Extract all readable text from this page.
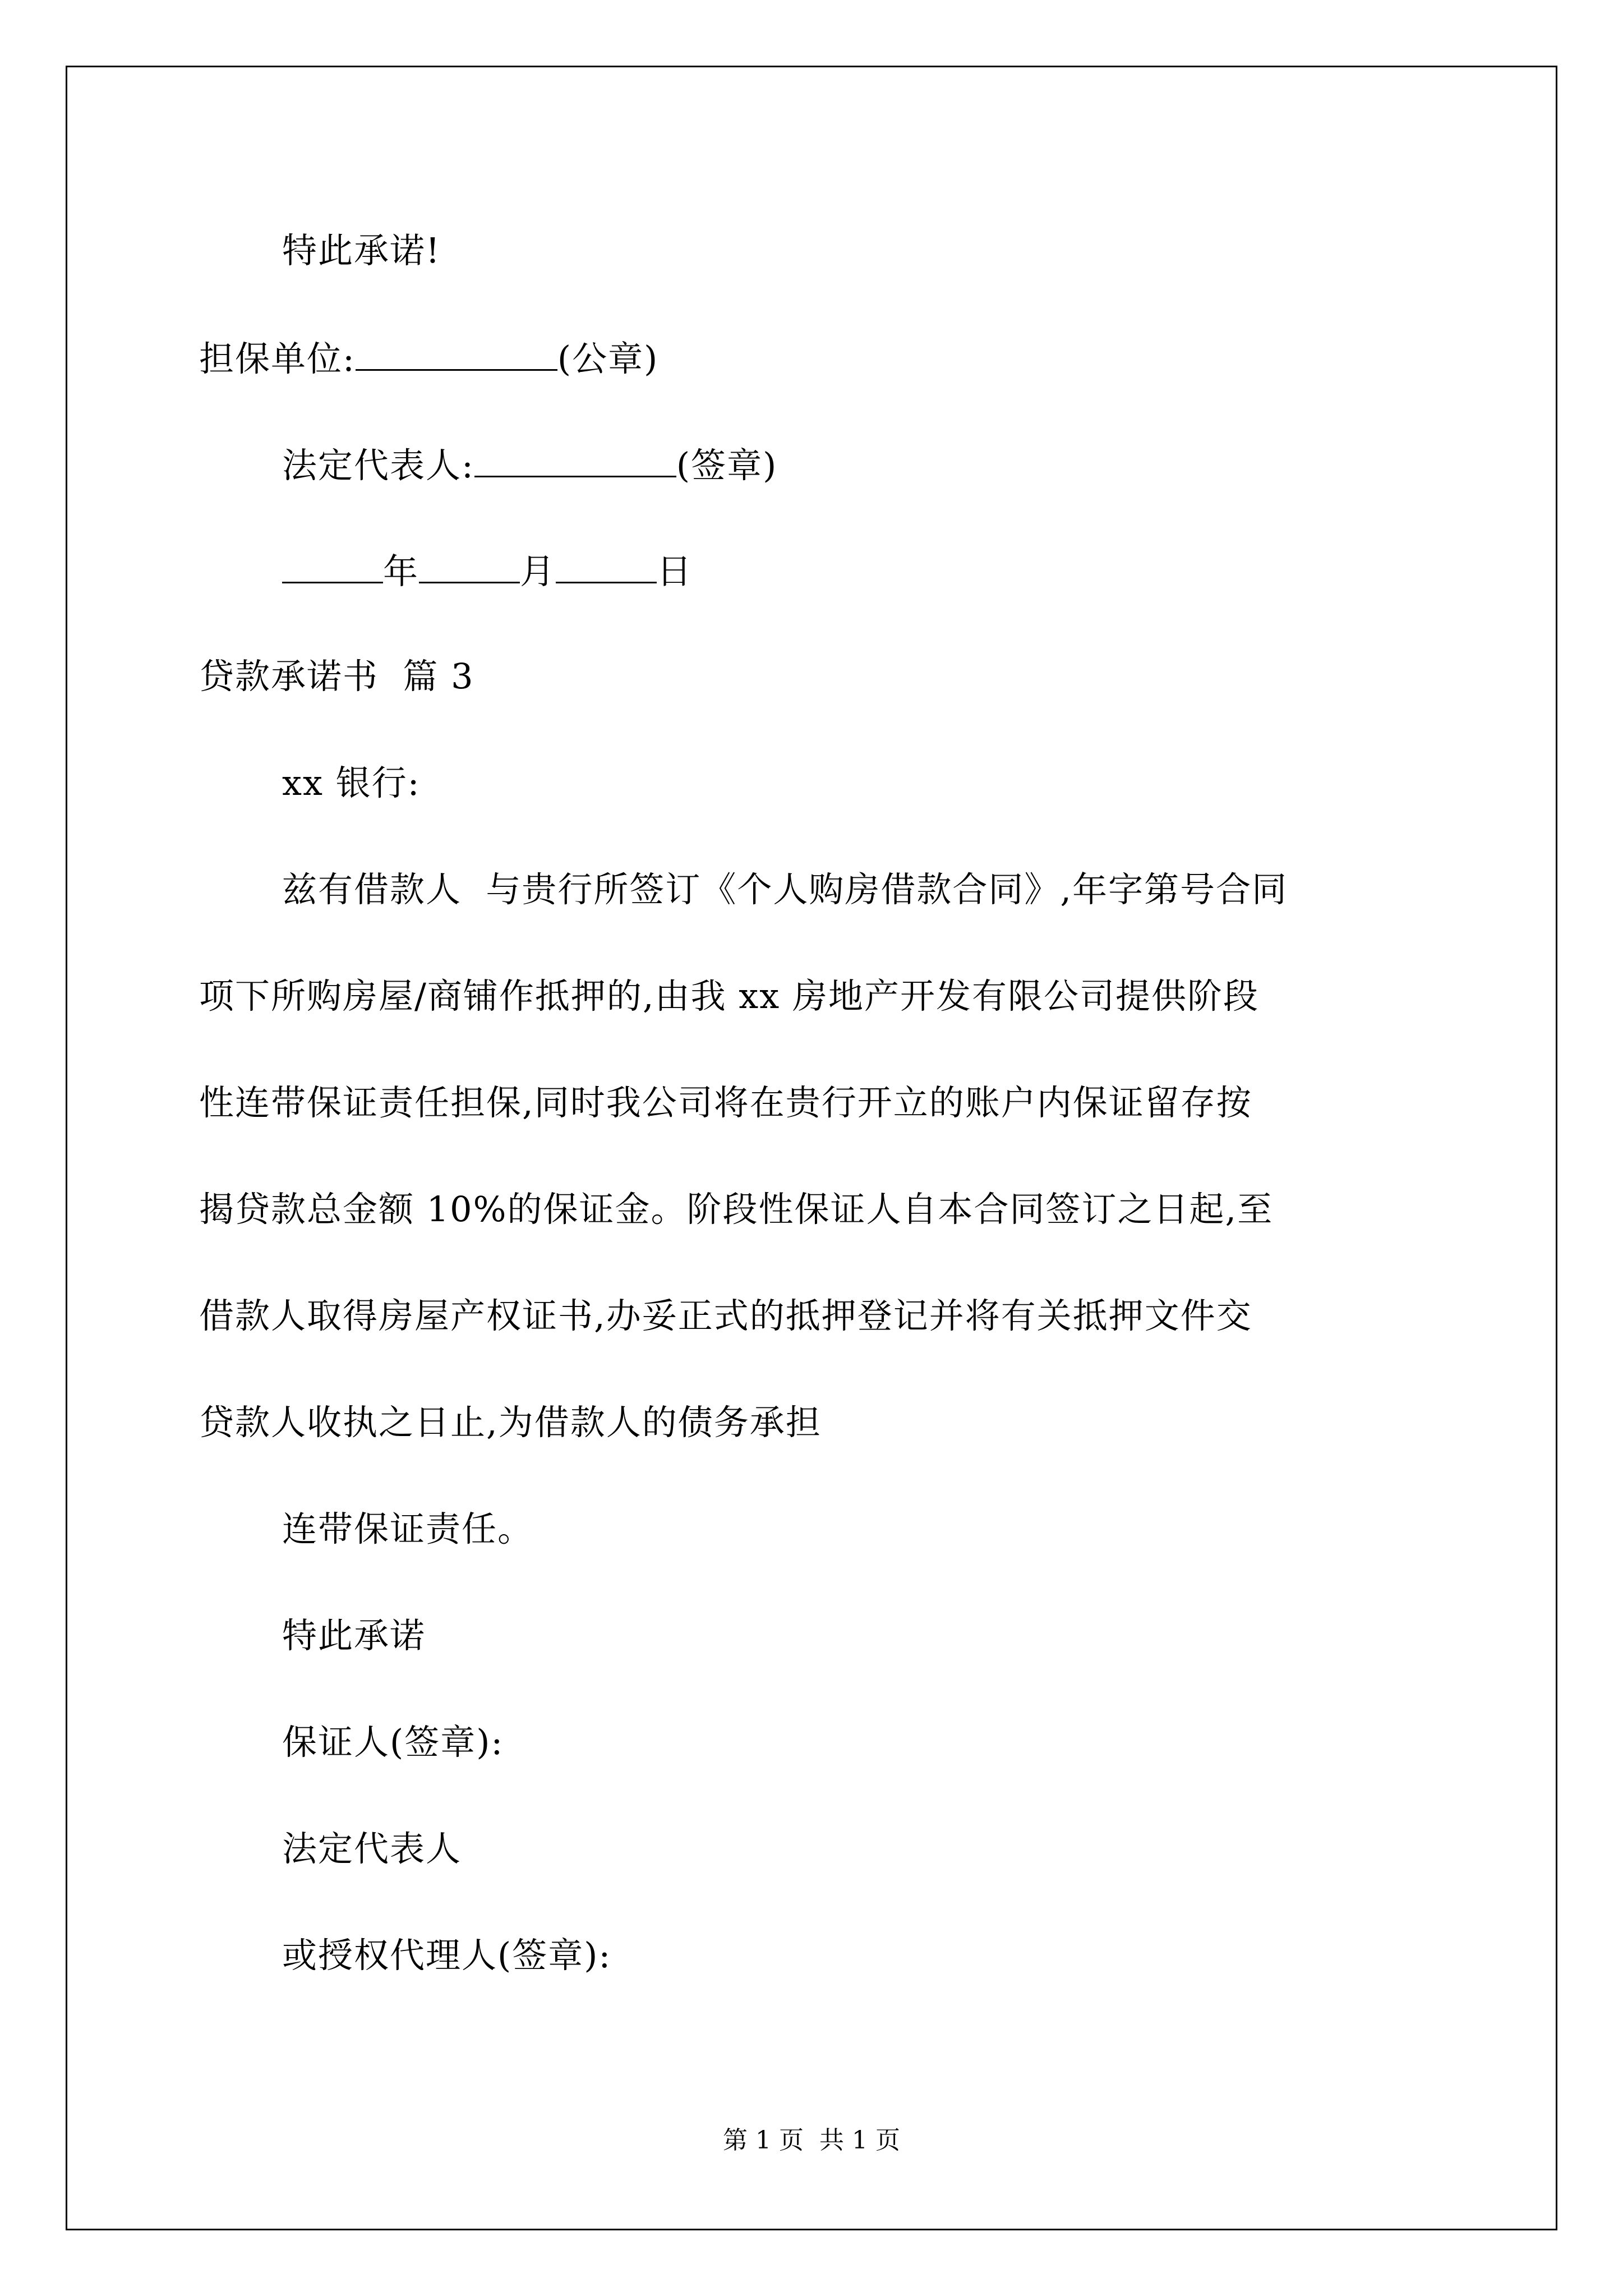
特此承诺!
担保单位:	(公章)
法定代表人:	(签章)
年	月	日
贷款承诺书  篇 3
xx 银行:
兹有借款人  与贵行所签订《个人购房借款合同》,年字第号合同
项下所购房屋/商铺作抵押的,由我 xx 房地产开发有限公司提供阶段
性连带保证责任担保,同时我公司将在贵行开立的账户内保证留存按
揭贷款总金额 10%的保证金。阶段性保证人自本合同签订之日起,至
借款人取得房屋产权证书,办妥正式的抵押登记并将有关抵押文件交
贷款人收执之日止,为借款人的债务承担
连带保证责任。
特此承诺
保证人(签章):
法定代表人
或授权代理人(签章):
第 1 页  共 1 页
